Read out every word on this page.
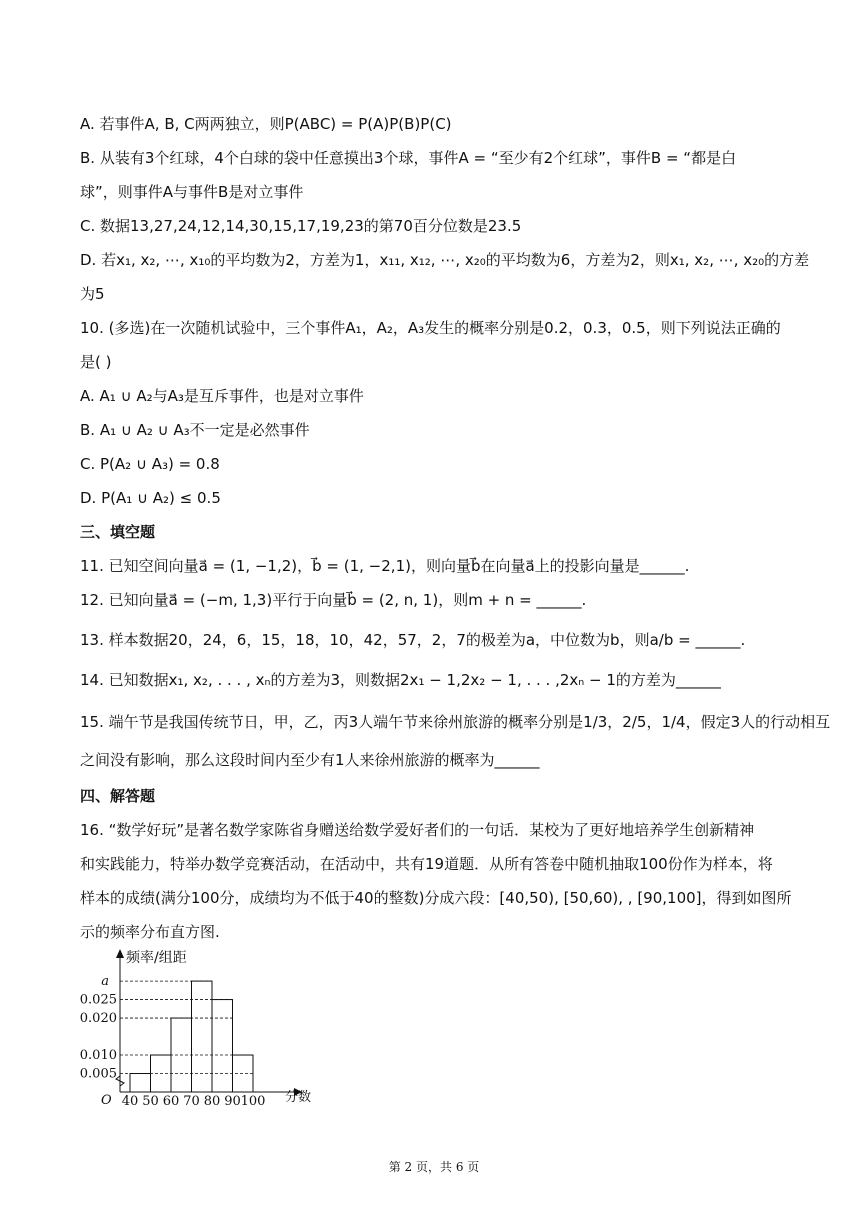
A. 若事件A, B, C两两独立，则P(ABC) = P(A)P(B)P(C)
B. 从装有3个红球，4个白球的袋中任意摸出3个球，事件A = “至少有2个红球”，事件B = “都是白
球”，则事件A与事件B是对立事件
C. 数据13,27,24,12,14,30,15,17,19,23的第70百分位数是23.5
D. 若x₁, x₂, ⋯, x₁₀的平均数为2，方差为1，x₁₁, x₁₂, ⋯, x₂₀的平均数为6，方差为2，则x₁, x₂, ⋯, x₂₀的方差
为5
10. (多选)在一次随机试验中，三个事件A₁，A₂，A₃发生的概率分别是0.2，0.3，0.5，则下列说法正确的
是( )
A. A₁ ∪ A₂与A₃是互斥事件，也是对立事件
B. A₁ ∪ A₂ ∪ A₃不一定是必然事件
C. P(A₂ ∪ A₃) = 0.8
D. P(A₁ ∪ A₂) ≤ 0.5
三、填空题
11. 已知空间向量a⃗ = (1, −1,2)，b⃗ = (1, −2,1)，则向量b⃗在向量a⃗上的投影向量是______.
12. 已知向量a⃗ = (−m, 1,3)平行于向量b⃗ = (2, n, 1)，则m + n = ______.
13. 样本数据20，24，6，15，18，10，42，57，2，7的极差为a，中位数为b，则a/b = ______.
14. 已知数据x₁, x₂, . . . , xₙ的方差为3，则数据2x₁ − 1,2x₂ − 1, . . . ,2xₙ − 1的方差为______
15. 端午节是我国传统节日，甲，乙，丙3人端午节来徐州旅游的概率分别是1/3，2/5，1/4，假定3人的行动相互
之间没有影响，那么这段时间内至少有1人来徐州旅游的概率为______
四、解答题
16. “数学好玩”是著名数学家陈省身赠送给数学爱好者们的一句话．某校为了更好地培养学生创新精神
和实践能力，特举办数学竞赛活动，在活动中，共有19道题．从所有答卷中随机抽取100份作为样本，将
样本的成绩(满分100分，成绩均为不低于40的整数)分成六段：[40,50), [50,60), , [90,100]，得到如图所
示的频率分布直方图.
0.005
0.010
0.020
0.025
a
40 50 60 70 80 90 100
频率/组距
分数
O
第 2 页，共 6 页
